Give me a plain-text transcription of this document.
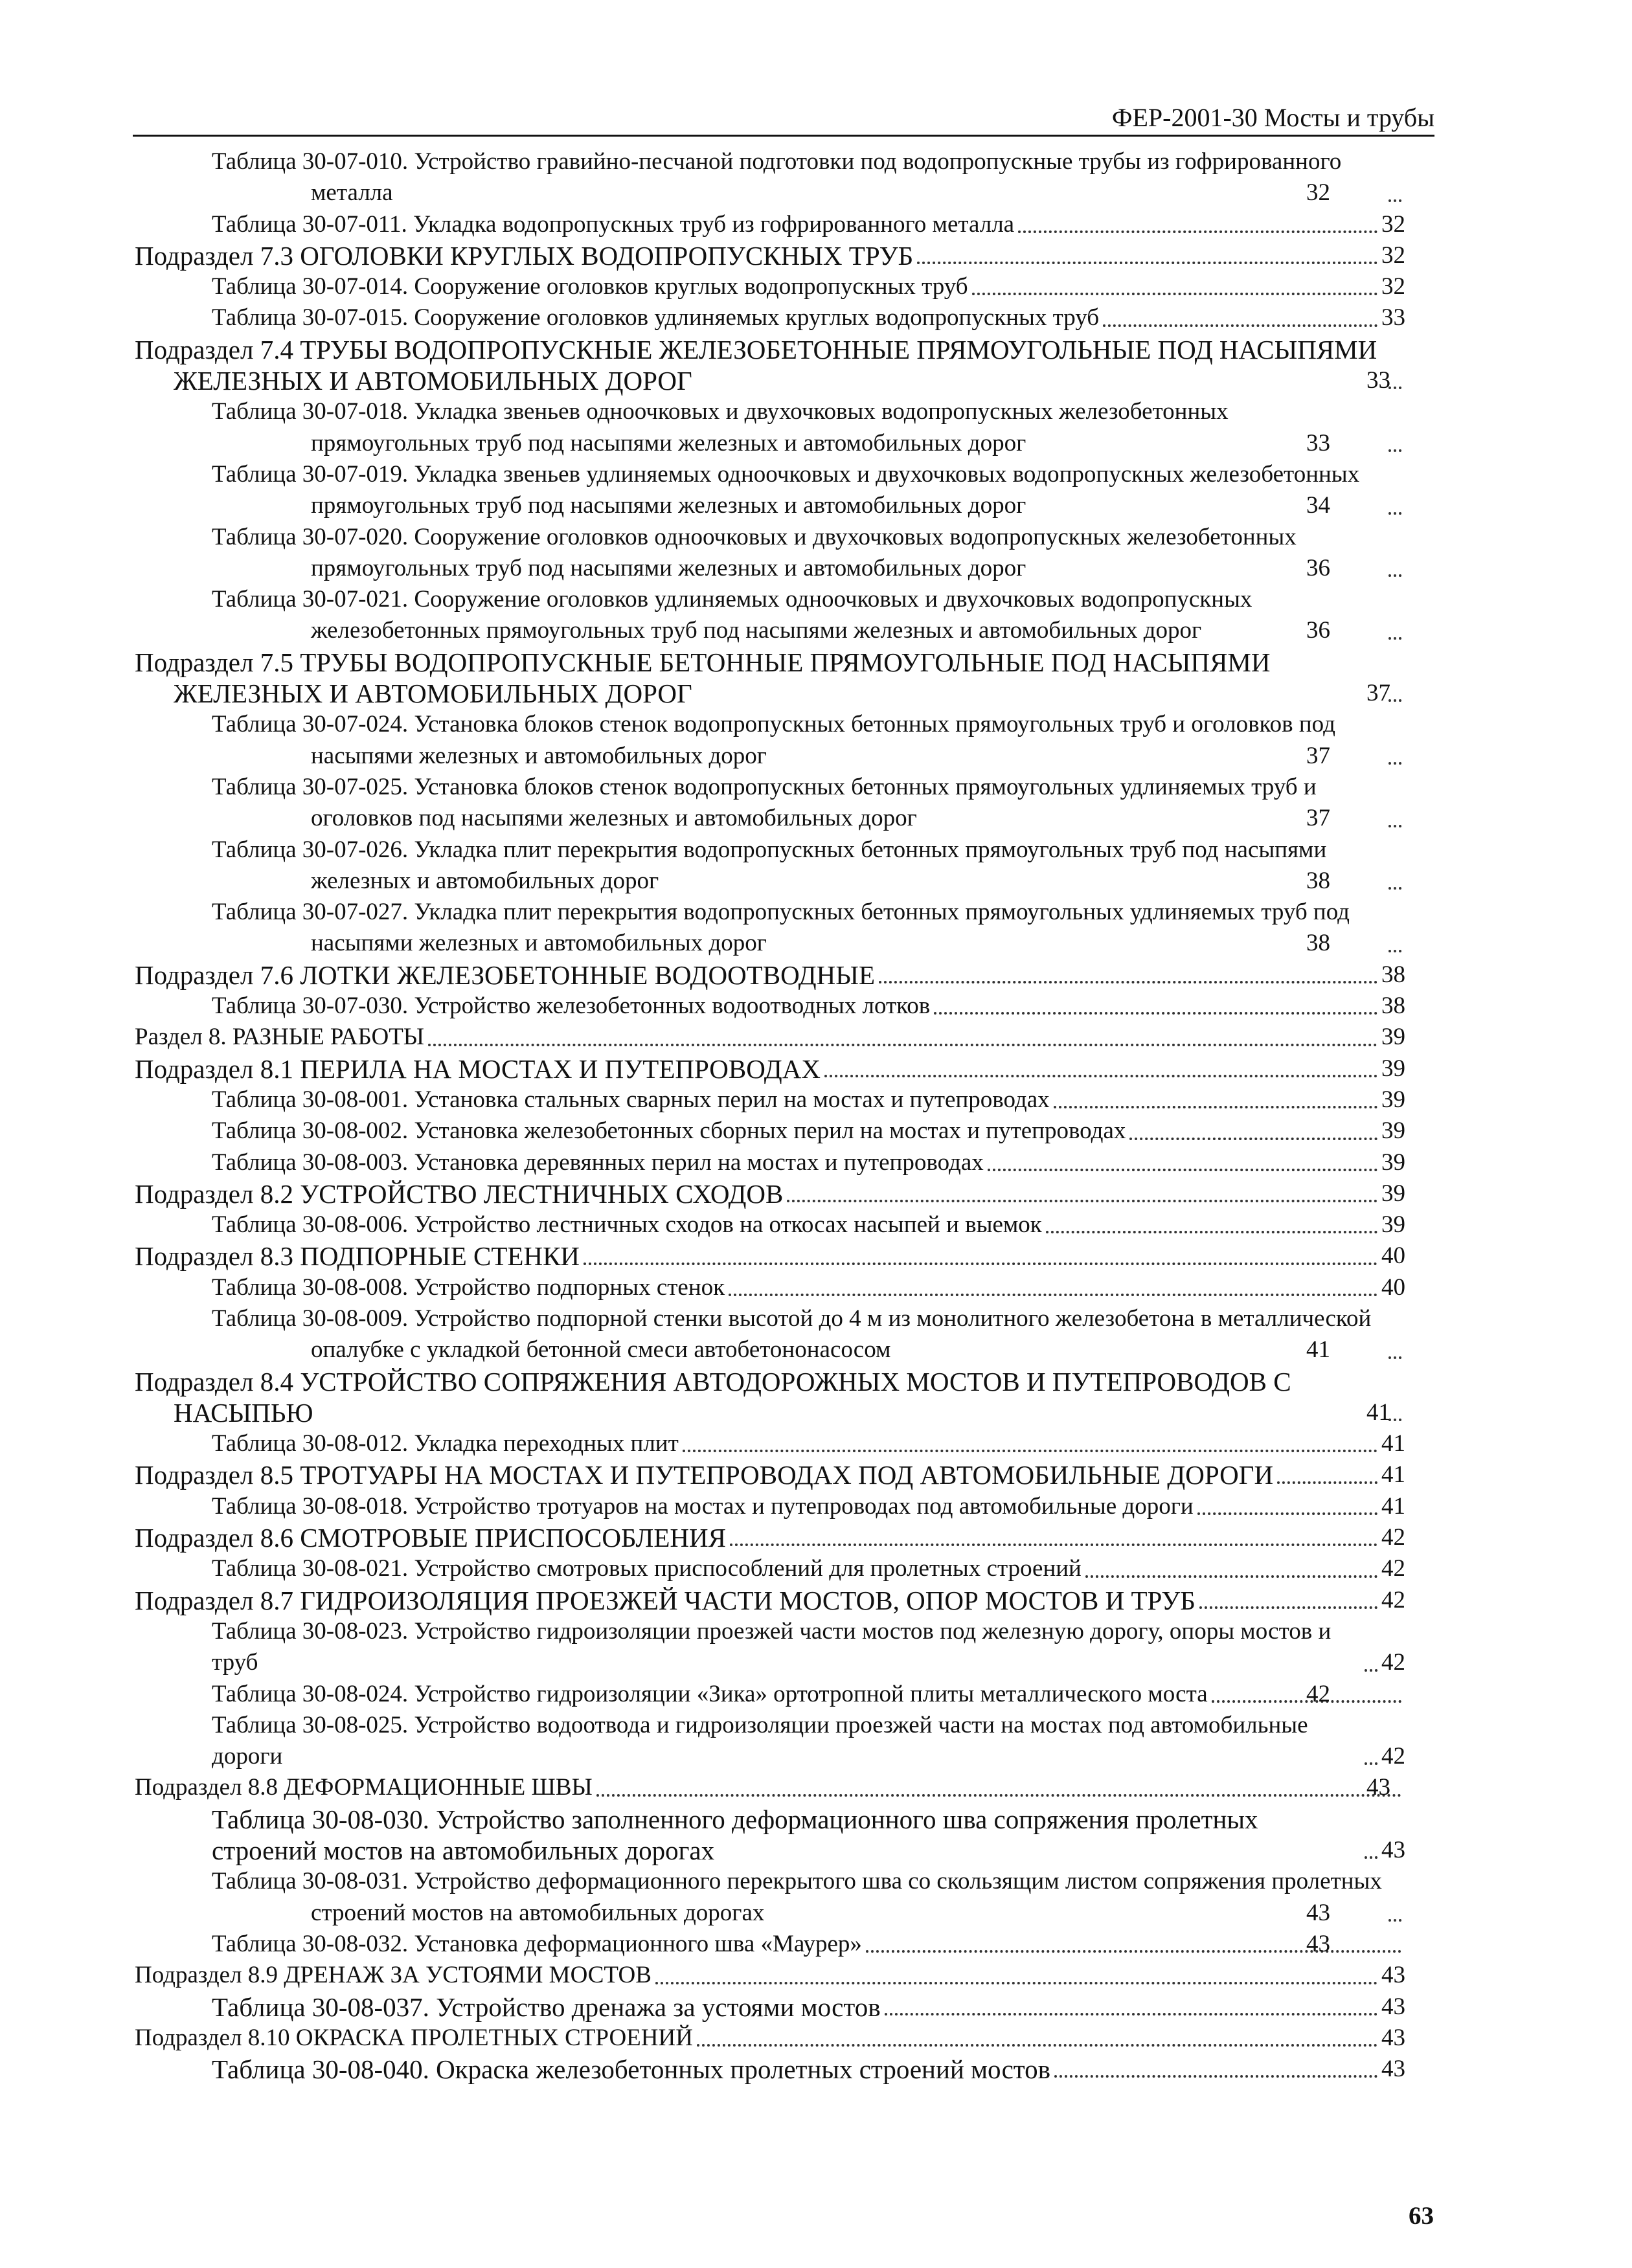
ФЕР-2001-30 Мосты и трубы
Таблица 30-07-010. Устройство гравийно-песчаной подготовки под водопропускные трубы из гофрированного металла	32
Таблица 30-07-011. Укладка водопропускных труб из гофрированного металла	32
Подраздел 7.3 ОГОЛОВКИ КРУГЛЫХ ВОДОПРОПУСКНЫХ ТРУБ	32
Таблица 30-07-014. Сооружение оголовков круглых водопропускных труб	32
Таблица 30-07-015. Сооружение оголовков удлиняемых круглых водопропускных труб	33
Подраздел 7.4 ТРУБЫ ВОДОПРОПУСКНЫЕ ЖЕЛЕЗОБЕТОННЫЕ ПРЯМОУГОЛЬНЫЕ ПОД НАСЫПЯМИ ЖЕЛЕЗНЫХ И АВТОМОБИЛЬНЫХ ДОРОГ	33
Таблица 30-07-018. Укладка звеньев одноочковых и двухочковых водопропускных железобетонных прямоугольных труб под насыпями железных и автомобильных дорог	33
Таблица 30-07-019. Укладка звеньев удлиняемых одноочковых и двухочковых водопропускных железобетонных прямоугольных труб под насыпями железных и автомобильных дорог	34
Таблица 30-07-020. Сооружение оголовков одноочковых и двухочковых водопропускных железобетонных прямоугольных труб под насыпями железных и автомобильных дорог	36
Таблица 30-07-021. Сооружение оголовков удлиняемых одноочковых и двухочковых водопропускных железобетонных прямоугольных труб под насыпями железных и автомобильных дорог	36
Подраздел 7.5 ТРУБЫ ВОДОПРОПУСКНЫЕ БЕТОННЫЕ ПРЯМОУГОЛЬНЫЕ ПОД НАСЫПЯМИ ЖЕЛЕЗНЫХ И АВТОМОБИЛЬНЫХ ДОРОГ	37
Таблица 30-07-024. Установка блоков стенок водопропускных бетонных прямоугольных труб и оголовков под насыпями железных и автомобильных дорог	37
Таблица 30-07-025. Установка блоков стенок водопропускных бетонных прямоугольных удлиняемых труб и оголовков под насыпями железных и автомобильных дорог	37
Таблица 30-07-026. Укладка плит перекрытия водопропускных бетонных прямоугольных труб под насыпями железных и автомобильных дорог	38
Таблица 30-07-027. Укладка плит перекрытия водопропускных бетонных прямоугольных удлиняемых труб под насыпями железных и автомобильных дорог	38
Подраздел 7.6 ЛОТКИ ЖЕЛЕЗОБЕТОННЫЕ ВОДООТВОДНЫЕ	38
Таблица 30-07-030. Устройство железобетонных водоотводных лотков	38
Раздел 8. РАЗНЫЕ РАБОТЫ	39
Подраздел 8.1 ПЕРИЛА НА МОСТАХ И ПУТЕПРОВОДАХ	39
Таблица 30-08-001. Установка стальных сварных перил на мостах и путепроводах	39
Таблица 30-08-002. Установка железобетонных сборных перил на мостах и путепроводах	39
Таблица 30-08-003. Установка деревянных перил на мостах и путепроводах	39
Подраздел 8.2 УСТРОЙСТВО ЛЕСТНИЧНЫХ СХОДОВ	39
Таблица 30-08-006. Устройство лестничных сходов на откосах насыпей и выемок	39
Подраздел 8.3 ПОДПОРНЫЕ СТЕНКИ	40
Таблица 30-08-008. Устройство подпорных стенок	40
Таблица 30-08-009. Устройство подпорной стенки высотой до 4 м из монолитного железобетона в металлической опалубке с укладкой бетонной смеси автобетононасосом	41
Подраздел 8.4 УСТРОЙСТВО СОПРЯЖЕНИЯ АВТОДОРОЖНЫХ МОСТОВ И ПУТЕПРОВОДОВ С НАСЫПЬЮ	41
Таблица 30-08-012. Укладка переходных плит	41
Подраздел 8.5 ТРОТУАРЫ НА МОСТАХ И ПУТЕПРОВОДАХ ПОД АВТОМОБИЛЬНЫЕ ДОРОГИ	41
Таблица 30-08-018. Устройство тротуаров на мостах и путепроводах под автомобильные дороги	41
Подраздел 8.6 СМОТРОВЫЕ ПРИСПОСОБЛЕНИЯ	42
Таблица 30-08-021. Устройство смотровых приспособлений для пролетных строений	42
Подраздел 8.7 ГИДРОИЗОЛЯЦИЯ ПРОЕЗЖЕЙ ЧАСТИ МОСТОВ, ОПОР МОСТОВ И ТРУБ	42
Таблица 30-08-023. Устройство гидроизоляции проезжей части мостов под железную дорогу, опоры мостов и труб	42
Таблица 30-08-024. Устройство гидроизоляции «Зика» ортотропной плиты металлического моста	42
Таблица 30-08-025. Устройство водоотвода и гидроизоляции проезжей части на мостах под автомобильные дороги	42
Подраздел 8.8 ДЕФОРМАЦИОННЫЕ ШВЫ	43
Таблица 30-08-030. Устройство заполненного деформационного шва сопряжения пролетных строений мостов на автомобильных дорогах	43
Таблица 30-08-031. Устройство деформационного перекрытого шва со скользящим листом сопряжения пролетных строений мостов на автомобильных дорогах	43
Таблица 30-08-032. Установка деформационного шва «Маурер»	43
Подраздел 8.9 ДРЕНАЖ ЗА УСТОЯМИ МОСТОВ	43
Таблица 30-08-037. Устройство дренажа за устоями мостов	43
Подраздел 8.10 ОКРАСКА ПРОЛЕТНЫХ СТРОЕНИЙ	43
Таблица 30-08-040. Окраска железобетонных пролетных строений мостов	43
63
